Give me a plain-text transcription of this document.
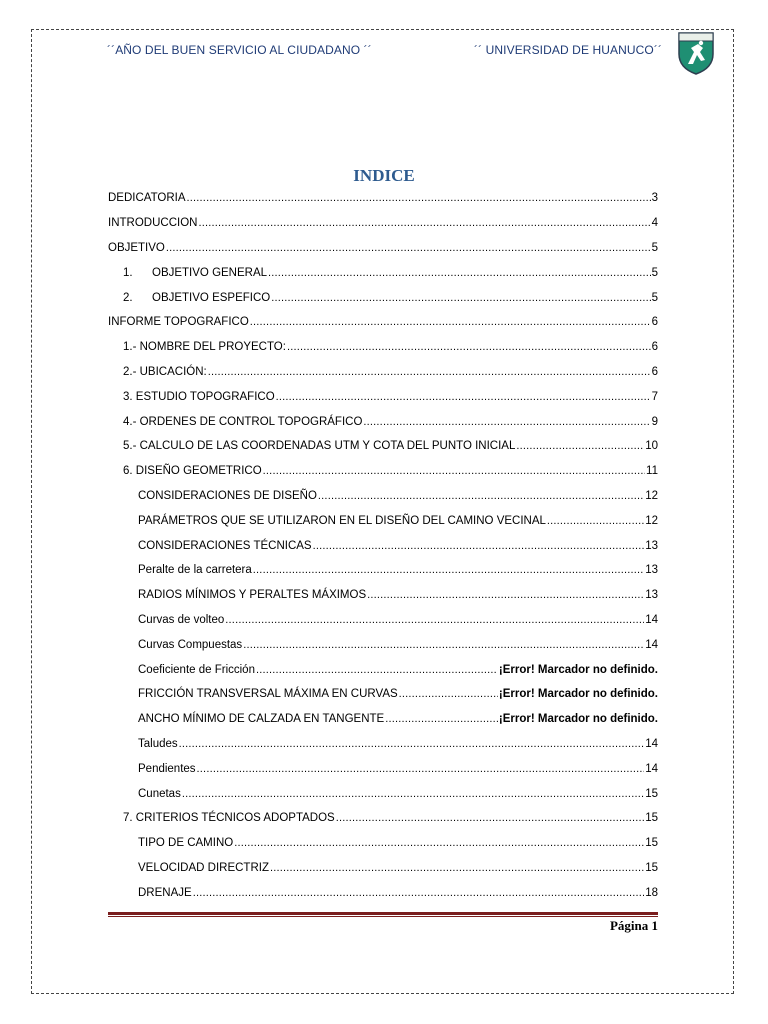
´´AÑO DEL BUEN SERVICIO AL CIUDADANO ´´	´´ UNIVERSIDAD DE HUANUCO´´
INDICE
DEDICATORIA .....	3
INTRODUCCION .....	4
OBJETIVO .....	5
1. OBJETIVO GENERAL .....	5
2. OBJETIVO ESPEFICO .....	5
INFORME TOPOGRAFICO .....	6
1.- NOMBRE DEL PROYECTO: .....	6
2.- UBICACIÓN: .....	6
3. ESTUDIO TOPOGRAFICO .....	7
4.- ORDENES DE CONTROL TOPOGRÁFICO .....	9
5.- CALCULO DE LAS COORDENADAS UTM Y COTA DEL PUNTO INICIAL .....	10
6. DISEÑO GEOMETRICO .....	11
CONSIDERACIONES DE DISEÑO .....	12
PARÁMETROS QUE SE UTILIZARON EN EL DISEÑO DEL CAMINO VECINAL .....	12
CONSIDERACIONES TÉCNICAS .....	13
Peralte de la carretera .....	13
RADIOS MÍNIMOS Y PERALTES MÁXIMOS .....	13
Curvas de volteo .....	14
Curvas Compuestas .....	14
Coeficiente de Fricción .....	¡Error! Marcador no definido.
FRICCIÓN TRANSVERSAL MÁXIMA EN CURVAS .....	¡Error! Marcador no definido.
ANCHO MÍNIMO DE CALZADA EN TANGENTE .....	¡Error! Marcador no definido.
Taludes .....	14
Pendientes .....	14
Cunetas .....	15
7. CRITERIOS TÉCNICOS ADOPTADOS .....	15
TIPO DE CAMINO .....	15
VELOCIDAD DIRECTRIZ .....	15
DRENAJE .....	18
Página 1
